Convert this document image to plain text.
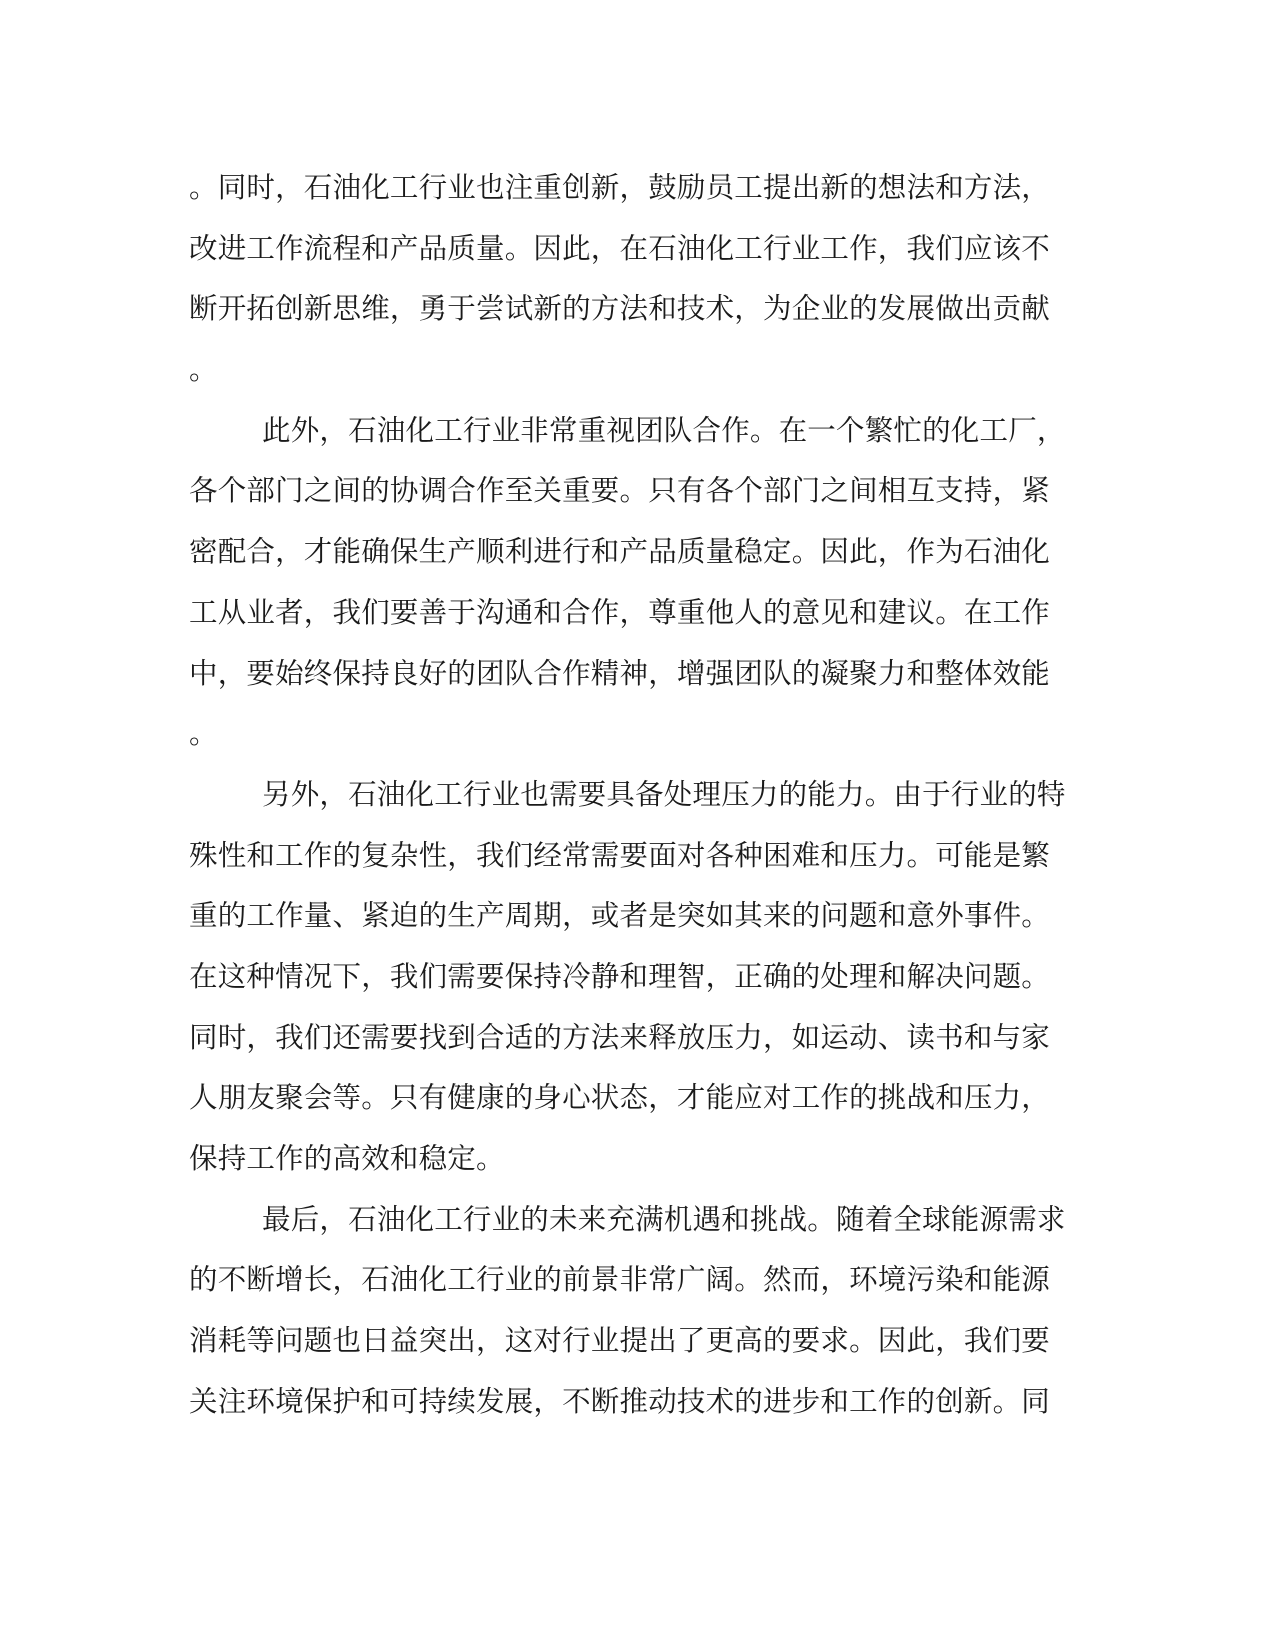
。同时，石油化工行业也注重创新，鼓励员工提出新的想法和方法，
改进工作流程和产品质量。因此，在石油化工行业工作，我们应该不
断开拓创新思维，勇于尝试新的方法和技术，为企业的发展做出贡献
。
此外，石油化工行业非常重视团队合作。在一个繁忙的化工厂，
各个部门之间的协调合作至关重要。只有各个部门之间相互支持，紧
密配合，才能确保生产顺利进行和产品质量稳定。因此，作为石油化
工从业者，我们要善于沟通和合作，尊重他人的意见和建议。在工作
中，要始终保持良好的团队合作精神，增强团队的凝聚力和整体效能
。
另外，石油化工行业也需要具备处理压力的能力。由于行业的特
殊性和工作的复杂性，我们经常需要面对各种困难和压力。可能是繁
重的工作量、紧迫的生产周期，或者是突如其来的问题和意外事件。
在这种情况下，我们需要保持冷静和理智，正确的处理和解决问题。
同时，我们还需要找到合适的方法来释放压力，如运动、读书和与家
人朋友聚会等。只有健康的身心状态，才能应对工作的挑战和压力，
保持工作的高效和稳定。
最后，石油化工行业的未来充满机遇和挑战。随着全球能源需求
的不断增长，石油化工行业的前景非常广阔。然而，环境污染和能源
消耗等问题也日益突出，这对行业提出了更高的要求。因此，我们要
关注环境保护和可持续发展，不断推动技术的进步和工作的创新。同
